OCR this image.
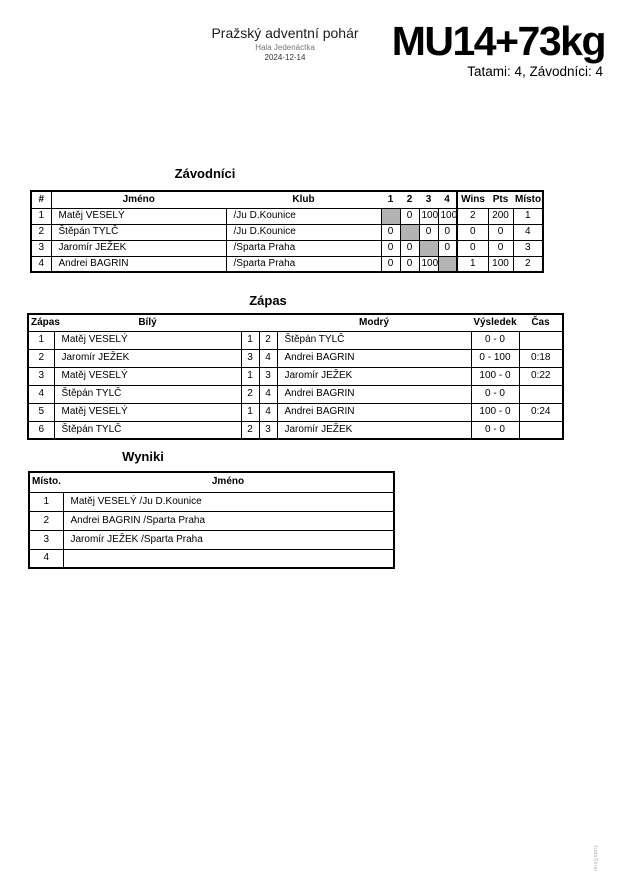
Pražský adventní pohár
Hala Jedenáctka
2024-12-14	MU14+73kg
Tatami: 4, Závodníci: 4
Závodníci
#	Jméno	Klub	1	2	3	4	Wins	Pts	Místo.
1	Matěj VESELÝ	/Ju D.Kounice		0	100	100	2	200	1
2	Štěpán TYLČ	/Ju D.Kounice	0		0	0	0	0	4
3	Jaromír JEŽEK	/Sparta Praha	0	0		0	0	0	3
4	Andrei BAGRIN	/Sparta Praha	0	0	100		1	100	2
Zápas
Zápas	Bílý			Modrý	Výsledek	Čas
1	Matěj VESELÝ	1	2	Štěpán TYLČ	0 - 0	
2	Jaromír JEŽEK	3	4	Andrei BAGRIN	0 - 100	0:18
3	Matěj VESELÝ	1	3	Jaromír JEŽEK	100 - 0	0:22
4	Štěpán TYLČ	2	4	Andrei BAGRIN	0 - 0	
5	Matěj VESELÝ	1	4	Andrei BAGRIN	100 - 0	0:24
6	Štěpán TYLČ	2	3	Jaromír JEŽEK	0 - 0	
Wyniki
Místo.	Jméno
1	Matěj VESELÝ /Ju D.Kounice
2	Andrei BAGRIN /Sparta Praha
3	Jaromír JEŽEK /Sparta Praha
4	
JudoShiai
